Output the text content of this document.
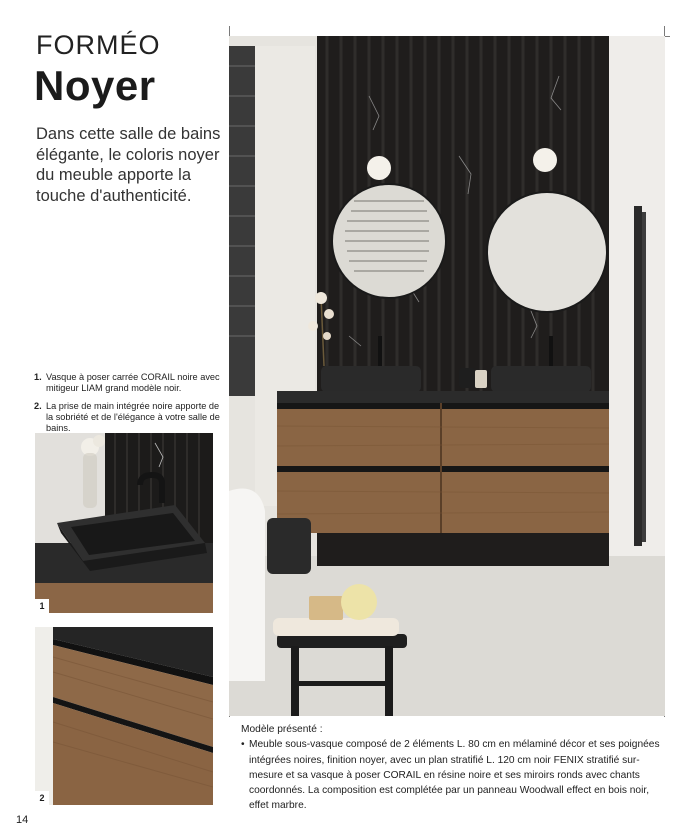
FORMÉO
Noyer
Dans cette salle de bains élégante, le coloris noyer du meuble apporte la touche d'authenticité.
1. Vasque à poser carrée CORAIL noire avec mitigeur LIAM grand modèle noir.
2. La prise de main intégrée noire apporte de la sobriété et de l'élégance à votre salle de bains.
1
2
Modèle présenté :
• Meuble sous-vasque composé de 2 éléments L. 80 cm en mélaminé décor et ses poignées intégrées noires, finition noyer, avec un plan stratifié L. 120 cm noir FENIX stratifié sur-mesure et sa vasque à poser CORAIL en résine noire et ses miroirs ronds avec chants coordonnés. La composition est complétée par un panneau Woodwall effect en bois noir, effet marbre.
14
